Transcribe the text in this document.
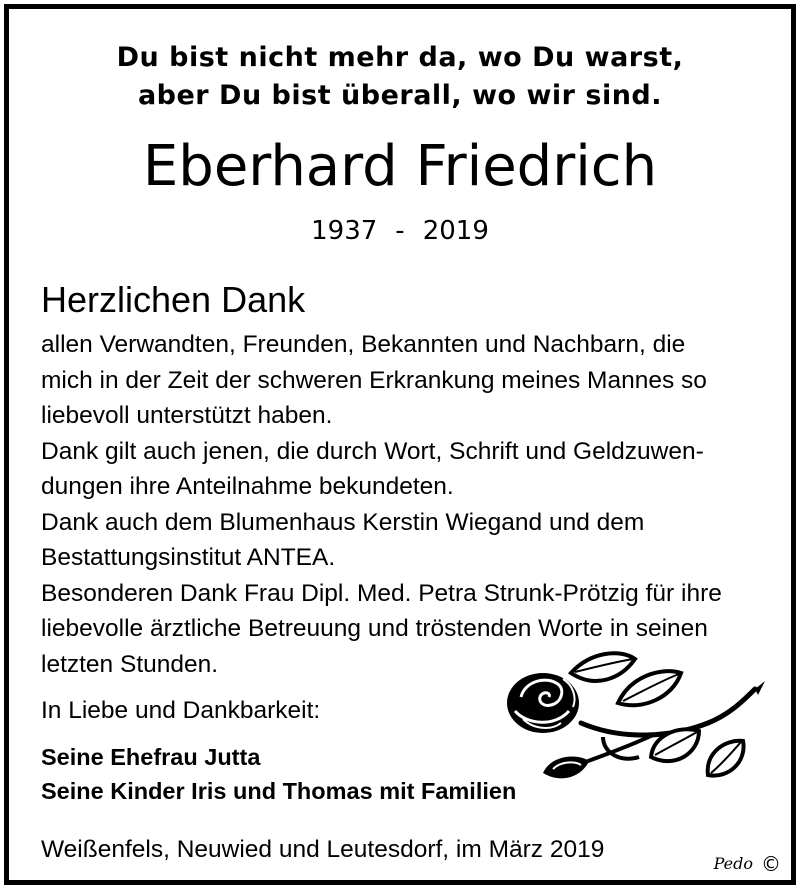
Du bist nicht mehr da, wo Du warst,
aber Du bist überall, wo wir sind.
Eberhard Friedrich
1937 - 2019
Herzlichen Dank
allen Verwandten, Freunden, Bekannten und Nachbarn, die
mich in der Zeit der schweren Erkrankung meines Mannes so
liebevoll unterstützt haben.
Dank gilt auch jenen, die durch Wort, Schrift und Geldzuwen-
dungen ihre Anteilnahme bekundeten.
Dank auch dem Blumenhaus Kerstin Wiegand und dem
Bestattungsinstitut ANTEA.
Besonderen Dank Frau Dipl. Med. Petra Strunk-Prötzig für ihre
liebevolle ärztliche Betreuung und tröstenden Worte in seinen
letzten Stunden.
In Liebe und Dankbarkeit:
Seine Ehefrau Jutta
Seine Kinder Iris und Thomas mit Familien
Weißenfels, Neuwied und Leutesdorf, im März 2019
Pedo ©
